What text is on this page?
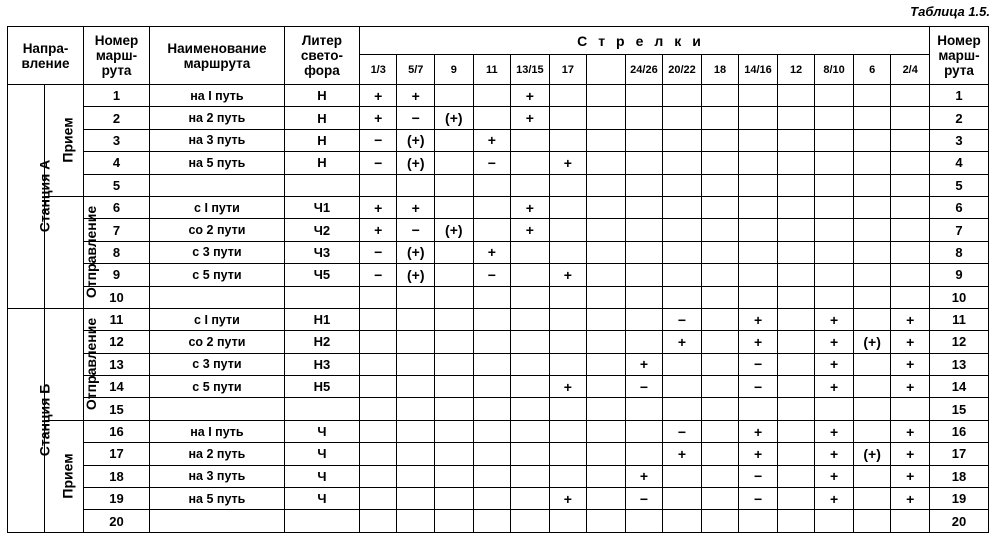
Таблица 1.5.
Напра-вление		Номер марш-рута	Наименование маршрута	Литер свето-фора	Стрелки															Номер марш-рута
					1/3	5/7	9	11	13/15	17		24/26	20/22	18	14/16	12	8/10	6	2/4	
Станция А	Прием	1	на I путь	Н	+	+			+											1
		2	на 2 путь	Н	+	−	(+)		+											2
		3	на 3 путь	Н	−	(+)		+												3
		4	на 5 путь	Н	−	(+)		−		+										4
		5																		5
	Отправление	6	с I пути	Ч1	+	+			+											6
		7	со 2 пути	Ч2	+	−	(+)		+											7
		8	с 3 пути	Ч3	−	(+)		+												8
		9	с 5 пути	Ч5	−	(+)		−		+										9
		10																		10
Станция Б	Отправление	11	с I пути	Н1									−		+		+		+	11
		12	со 2 пути	Н2									+		+		+	(+)	+	12
		13	с 3 пути	Н3								+			−		+		+	13
		14	с 5 пути	Н5						+		−			−		+		+	14
		15																		15
	Прием	16	на I путь	Ч									−		+		+		+	16
		17	на 2 путь	Ч									+		+		+	(+)	+	17
		18	на 3 путь	Ч								+			−		+		+	18
		19	на 5 путь	Ч						+		−			−		+		+	19
		20																		20
